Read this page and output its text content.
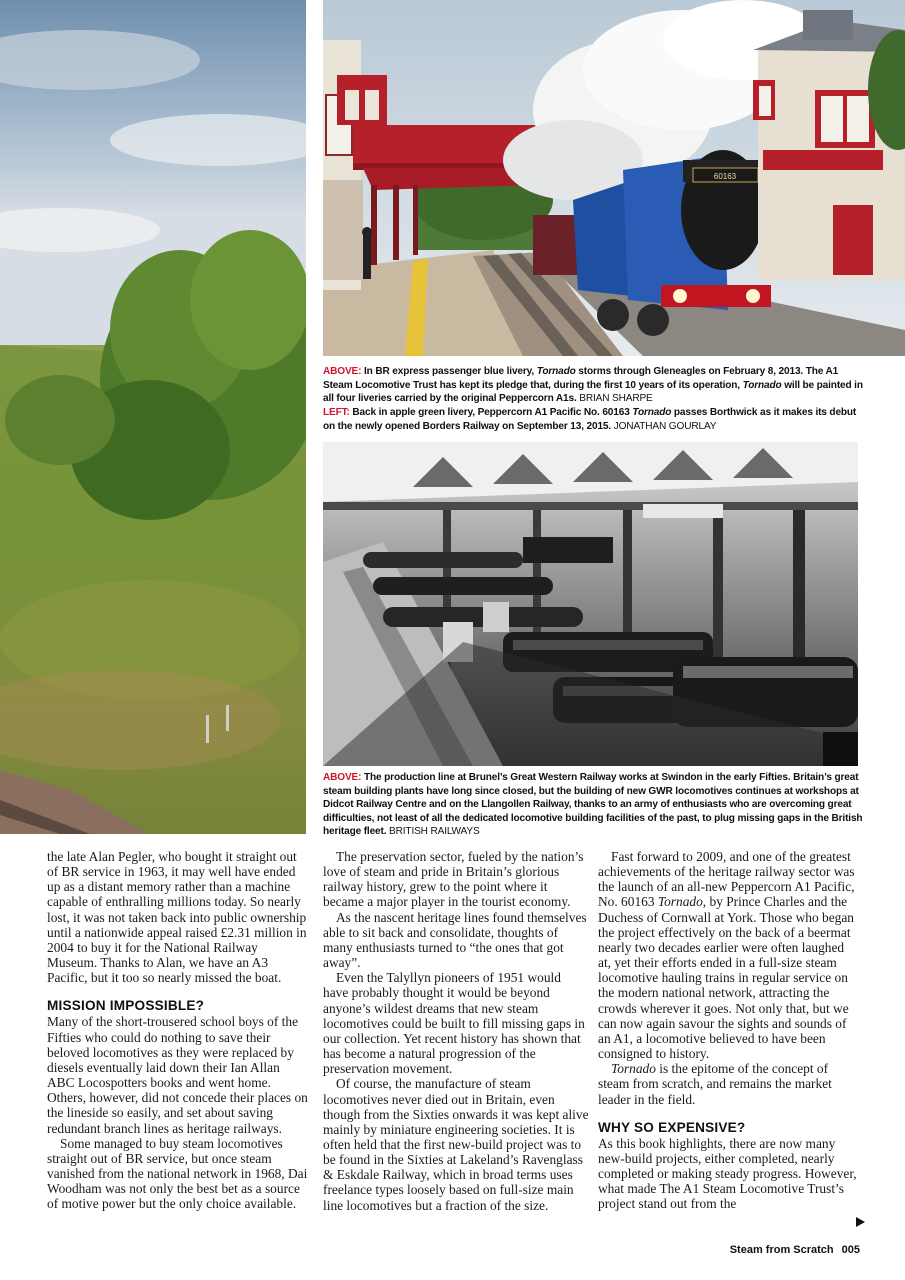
60163
ABOVE: In BR express passenger blue livery, Tornado storms through Gleneagles on February 8, 2013. The A1 Steam Locomotive Trust has kept its pledge that, during the first 10 years of its operation, Tornado will be painted in all four liveries carried by the original Peppercorn A1s. BRIAN SHARPE
LEFT: Back in apple green livery, Peppercorn A1 Pacific No. 60163 Tornado passes Borthwick as it makes its debut on the newly opened Borders Railway on September 13, 2015. JONATHAN GOURLAY
ABOVE: The production line at Brunel’s Great Western Railway works at Swindon in the early Fifties. Britain’s great steam building plants have long since closed, but the building of new GWR locomotives continues at workshops at Didcot Railway Centre and on the Llangollen Railway, thanks to an army of enthusiasts who are overcoming great difficulties, not least of all the dedicated locomotive building facilities of the past, to plug missing gaps in the British heritage fleet. BRITISH RAILWAYS

the late Alan Pegler, who bought it straight out of BR service in 1963, it may well have ended up as a distant memory rather than a machine capable of enthralling millions today. So nearly lost, it was not taken back into public ownership until a nationwide appeal raised £2.31 million in 2004 to buy it for the National Railway Museum. Thanks to Alan, we have an A3 Pacific, but it too so nearly missed the boat.

MISSION IMPOSSIBLE?

Many of the short-trousered school boys of the Fifties who could do nothing to save their beloved locomotives as they were replaced by diesels eventually laid down their Ian Allan ABC Locospotters books and went home. Others, however, did not concede their places on the lineside so easily, and set about saving redundant branch lines as heritage railways.

Some managed to buy steam locomotives straight out of BR service, but once steam vanished from the national network in 1968, Dai Woodham was not only the best bet as a source of motive power but the only choice available.

The preservation sector, fueled by the nation’s love of steam and pride in Britain’s glorious railway history, grew to the point where it became a major player in the tourist economy.

As the nascent heritage lines found themselves able to sit back and consolidate, thoughts of many enthusiasts turned to “the ones that got away”.

Even the Talyllyn pioneers of 1951 would have probably thought it would be beyond anyone’s wildest dreams that new steam locomotives could be built to fill missing gaps in our collection. Yet recent history has shown that has become a natural progression of the preservation movement.

Of course, the manufacture of steam locomotives never died out in Britain, even though from the Sixties onwards it was kept alive mainly by miniature engineering societies. It is often held that the first new-build project was to be found in the Sixties at Lakeland’s Ravenglass & Eskdale Railway, which in broad terms uses freelance types loosely based on full-size main line locomotives but a fraction of the size.

Fast forward to 2009, and one of the greatest achievements of the heritage railway sector was the launch of an all-new Peppercorn A1 Pacific, No. 60163 Tornado, by Prince Charles and the Duchess of Cornwall at York. Those who began the project effectively on the back of a beermat nearly two decades earlier were often laughed at, yet their efforts ended in a full-size steam locomotive hauling trains in regular service on the modern national network, attracting the crowds wherever it goes. Not only that, but we can now again savour the sights and sounds of an A1, a locomotive believed to have been consigned to history.

Tornado is the epitome of the concept of steam from scratch, and remains the market leader in the field.

WHY SO EXPENSIVE?

As this book highlights, there are now many new-build projects, either completed, nearly completed or making steady progress. However, what made The A1 Steam Locomotive Trust’s project stand out from the

Steam from Scratch 005
